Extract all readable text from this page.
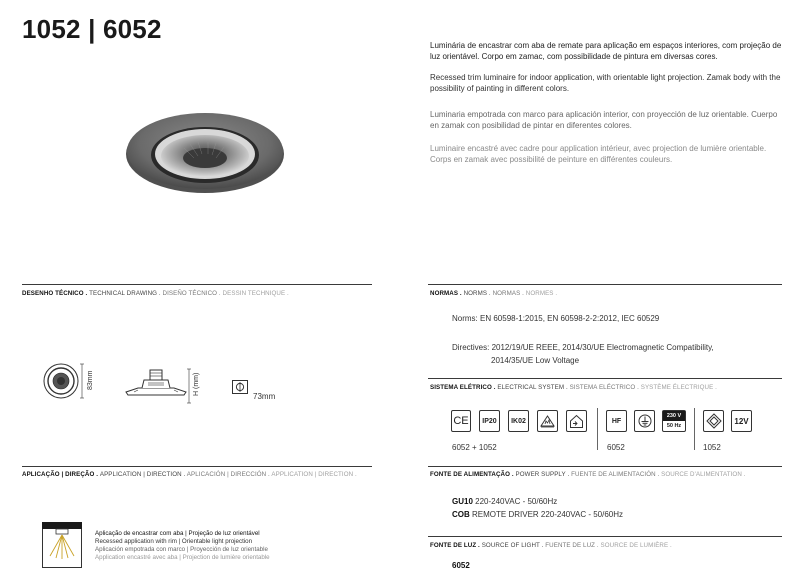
1052 | 6052
Luminária de encastrar com aba de remate para aplicação em espaços interiores, com projeção de luz orientável. Corpo em zamac, com possibilidade de pintura em diversas cores.
Recessed trim luminaire for indoor application, with orientable light projection. Zamak body with the possibility of painting in different colors.
Luminaria empotrada con marco para aplicación interior, con proyección de luz orientable. Cuerpo en zamak con posibilidad de pintar en diferentes colores.
Luminaire encastré avec cadre pour application intérieur, avec projection de lumière orientable. Corps en zamak avec possibilité de peinture en différentes couleurs.
DESENHO TÉCNICO . TECHNICAL DRAWING . DISEÑO TÉCNICO . DESSIN TECHNIQUE .
83mm	H (mm)
73mm
APLICAÇÃO | DIREÇÃO . APPLICATION | DIRECTION . APLICACIÓN | DIRECCIÓN . APPLICATION | DIRECTION .
Aplicação de encastrar com aba | Projeção de luz orientável
Recessed application with rim | Orientable light projection
Aplicación empotrada con marco | Proyección de luz orientable
Application encastré avec aba | Projection de lumière orientable
NORMAS . NORMS . NORMAS . NORMES .
Norms: EN 60598-1:2015, EN 60598-2-2:2012, IEC 60529
Directives: 2012/19/UE REEE, 2014/30/UE Electromagnetic Compatibility,
2014/35/UE Low Voltage
SISTEMA ELÉTRICO . ELECTRICAL SYSTEM . SISTEMA ELÉCTRICO . SYSTÈME ÉLECTRIQUE .
CE	IP20	IK02
6052 + 1052
HF
230 V
50 Hz
6052
12V
1052
FONTE DE ALIMENTAÇÃO . POWER SUPPLY . FUENTE DE ALIMENTACIÓN . SOURCE D'ALIMENTATION .
GU10 220-240VAC - 50/60Hz
COB REMOTE DRIVER 220-240VAC - 50/60Hz
FONTE DE LUZ . SOURCE OF LIGHT . FUENTE DE LUZ . SOURCE DE LUMIÈRE .
6052
